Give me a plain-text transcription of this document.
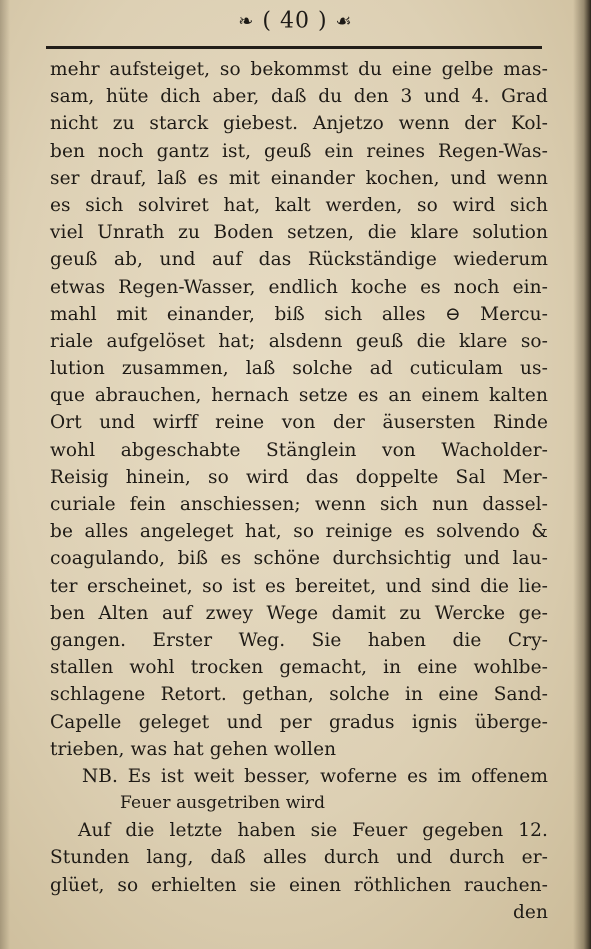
❧ ( 40 ) ☙
mehr aufsteiget, so bekommst du eine gelbe mas-
sam, hüte dich aber, daß du den 3 und 4. Grad
nicht zu starck giebest. Anjetzo wenn der Kol-
ben noch gantz ist, geuß ein reines Regen-Was-
ser drauf, laß es mit einander kochen, und wenn
es sich solviret hat, kalt werden, so wird sich
viel Unrath zu Boden setzen, die klare solution
geuß ab, und auf das Rückständige wiederum
etwas Regen-Wasser, endlich koche es noch ein-
mahl mit einander, biß sich alles ⊖ Mercu-
riale aufgelöset hat; alsdenn geuß die klare so-
lution zusammen, laß solche ad cuticulam us-
que abrauchen, hernach setze es an einem kalten
Ort und wirff reine von der äusersten Rinde
wohl abgeschabte Stänglein von Wacholder-
Reisig hinein, so wird das doppelte Sal Mer-
curiale fein anschiessen; wenn sich nun dassel-
be alles angeleget hat, so reinige es solvendo &
coagulando, biß es schöne durchsichtig und lau-
ter erscheinet, so ist es bereitet, und sind die lie-
ben Alten auf zwey Wege damit zu Wercke ge-
gangen. Erster Weg. Sie haben die Cry-
stallen wohl trocken gemacht, in eine wohlbe-
schlagene Retort. gethan, solche in eine Sand-
Capelle geleget und per gradus ignis überge-
trieben, was hat gehen wollen
NB. Es ist weit besser, woferne es im offenem
Feuer ausgetriben wird
Auf die letzte haben sie Feuer gegeben 12.
Stunden lang, daß alles durch und durch er-
glüet, so erhielten sie einen röthlichen rauchen-
den
